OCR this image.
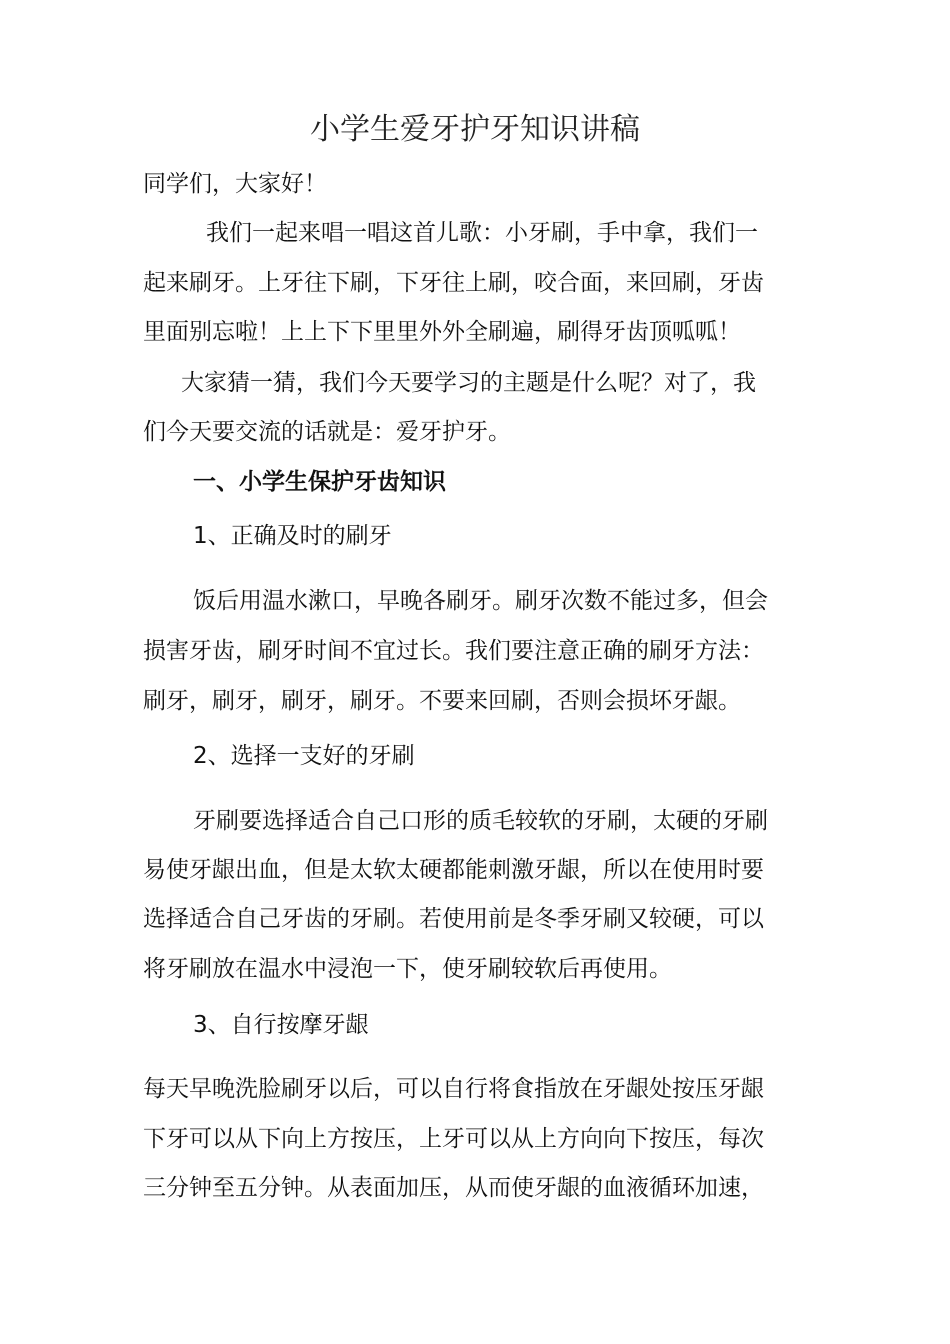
小学生爱牙护牙知识讲稿

同学们，大家好！

我们一起来唱一唱这首儿歌：小牙刷，手中拿，我们一

起来刷牙。上牙往下刷，下牙往上刷，咬合面，来回刷，牙齿

里面别忘啦！上上下下里里外外全刷遍，刷得牙齿顶呱呱！

大家猜一猜，我们今天要学习的主题是什么呢？对了，我

们今天要交流的话就是：爱牙护牙。

一、小学生保护牙齿知识

1、正确及时的刷牙

饭后用温水漱口，早晚各刷牙。刷牙次数不能过多，但会

损害牙齿，刷牙时间不宜过长。我们要注意正确的刷牙方法：

刷牙，刷牙，刷牙，刷牙。不要来回刷，否则会损坏牙龈。

2、选择一支好的牙刷

牙刷要选择适合自己口形的质毛较软的牙刷，太硬的牙刷

易使牙龈出血，但是太软太硬都能刺激牙龈，所以在使用时要

选择适合自己牙齿的牙刷。若使用前是冬季牙刷又较硬，可以

将牙刷放在温水中浸泡一下，使牙刷较软后再使用。

3、自行按摩牙龈

每天早晚洗脸刷牙以后，可以自行将食指放在牙龈处按压牙龈

下牙可以从下向上方按压，上牙可以从上方向向下按压，每次

三分钟至五分钟。从表面加压，从而使牙龈的血液循环加速，
